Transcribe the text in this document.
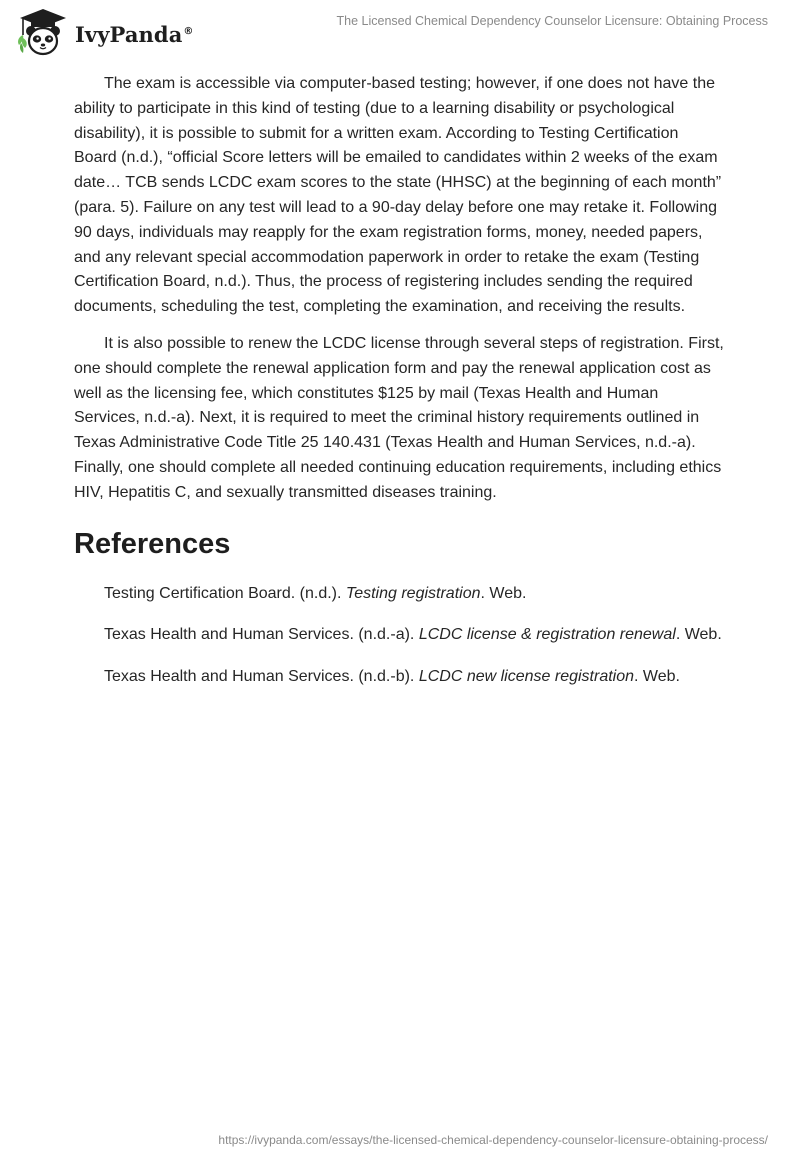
IvyPanda®
The Licensed Chemical Dependency Counselor Licensure: Obtaining Process

The exam is accessible via computer-based testing; however, if one does not have the ability to participate in this kind of testing (due to a learning disability or psychological disability), it is possible to submit for a written exam. According to Testing Certification Board (n.d.), “official Score letters will be emailed to candidates within 2 weeks of the exam date… TCB sends LCDC exam scores to the state (HHSC) at the beginning of each month” (para. 5). Failure on any test will lead to a 90-day delay before one may retake it. Following 90 days, individuals may reapply for the exam registration forms, money, needed papers, and any relevant special accommodation paperwork in order to retake the exam (Testing Certification Board, n.d.). Thus, the process of registering includes sending the required documents, scheduling the test, completing the examination, and receiving the results.

It is also possible to renew the LCDC license through several steps of registration. First, one should complete the renewal application form and pay the renewal application cost as well as the licensing fee, which constitutes $125 by mail (Texas Health and Human Services, n.d.-a). Next, it is required to meet the criminal history requirements outlined in Texas Administrative Code Title 25 140.431 (Texas Health and Human Services, n.d.-a). Finally, one should complete all needed continuing education requirements, including ethics HIV, Hepatitis C, and sexually transmitted diseases training.

References

Testing Certification Board. (n.d.). Testing registration. Web.

Texas Health and Human Services. (n.d.-a). LCDC license & registration renewal. Web.

Texas Health and Human Services. (n.d.-b). LCDC new license registration. Web.

https://ivypanda.com/essays/the-licensed-chemical-dependency-counselor-licensure-obtaining-process/
